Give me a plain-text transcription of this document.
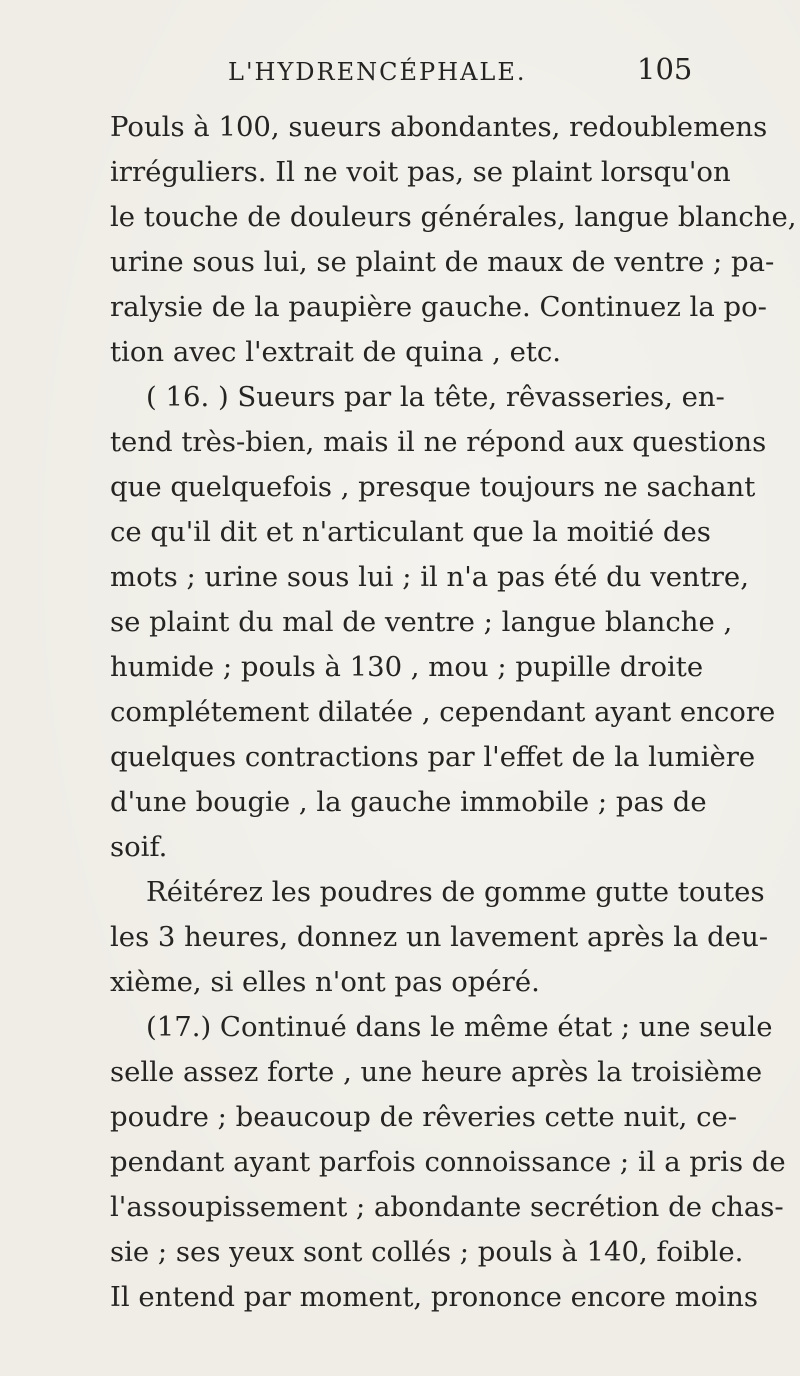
L'HYDRENCÉPHALE.	105
Pouls à 100, sueurs abondantes, redoublemens
irréguliers. Il ne voit pas, se plaint lorsqu'on
le touche de douleurs générales, langue blanche,
urine sous lui, se plaint de maux de ventre ; pa-
ralysie de la paupière gauche. Continuez la po-
tion avec l'extrait de quina , etc.
( 16. ) Sueurs par la tête, rêvasseries, en-
tend très-bien, mais il ne répond aux questions
que quelquefois , presque toujours ne sachant
ce qu'il dit et n'articulant que la moitié des
mots ; urine sous lui ; il n'a pas été du ventre,
se plaint du mal de ventre ; langue blanche ,
humide ; pouls à 130 , mou ; pupille droite
complétement dilatée , cependant ayant encore
quelques contractions par l'effet de la lumière
d'une bougie , la gauche immobile ; pas de
soif.
Réitérez les poudres de gomme gutte toutes
les 3 heures, donnez un lavement après la deu-
xième, si elles n'ont pas opéré.
(17.) Continué dans le même état ; une seule
selle assez forte , une heure après la troisième
poudre ; beaucoup de rêveries cette nuit, ce-
pendant ayant parfois connoissance ; il a pris de
l'assoupissement ; abondante secrétion de chas-
sie ; ses yeux sont collés ; pouls à 140, foible.
Il entend par moment, prononce encore moins
